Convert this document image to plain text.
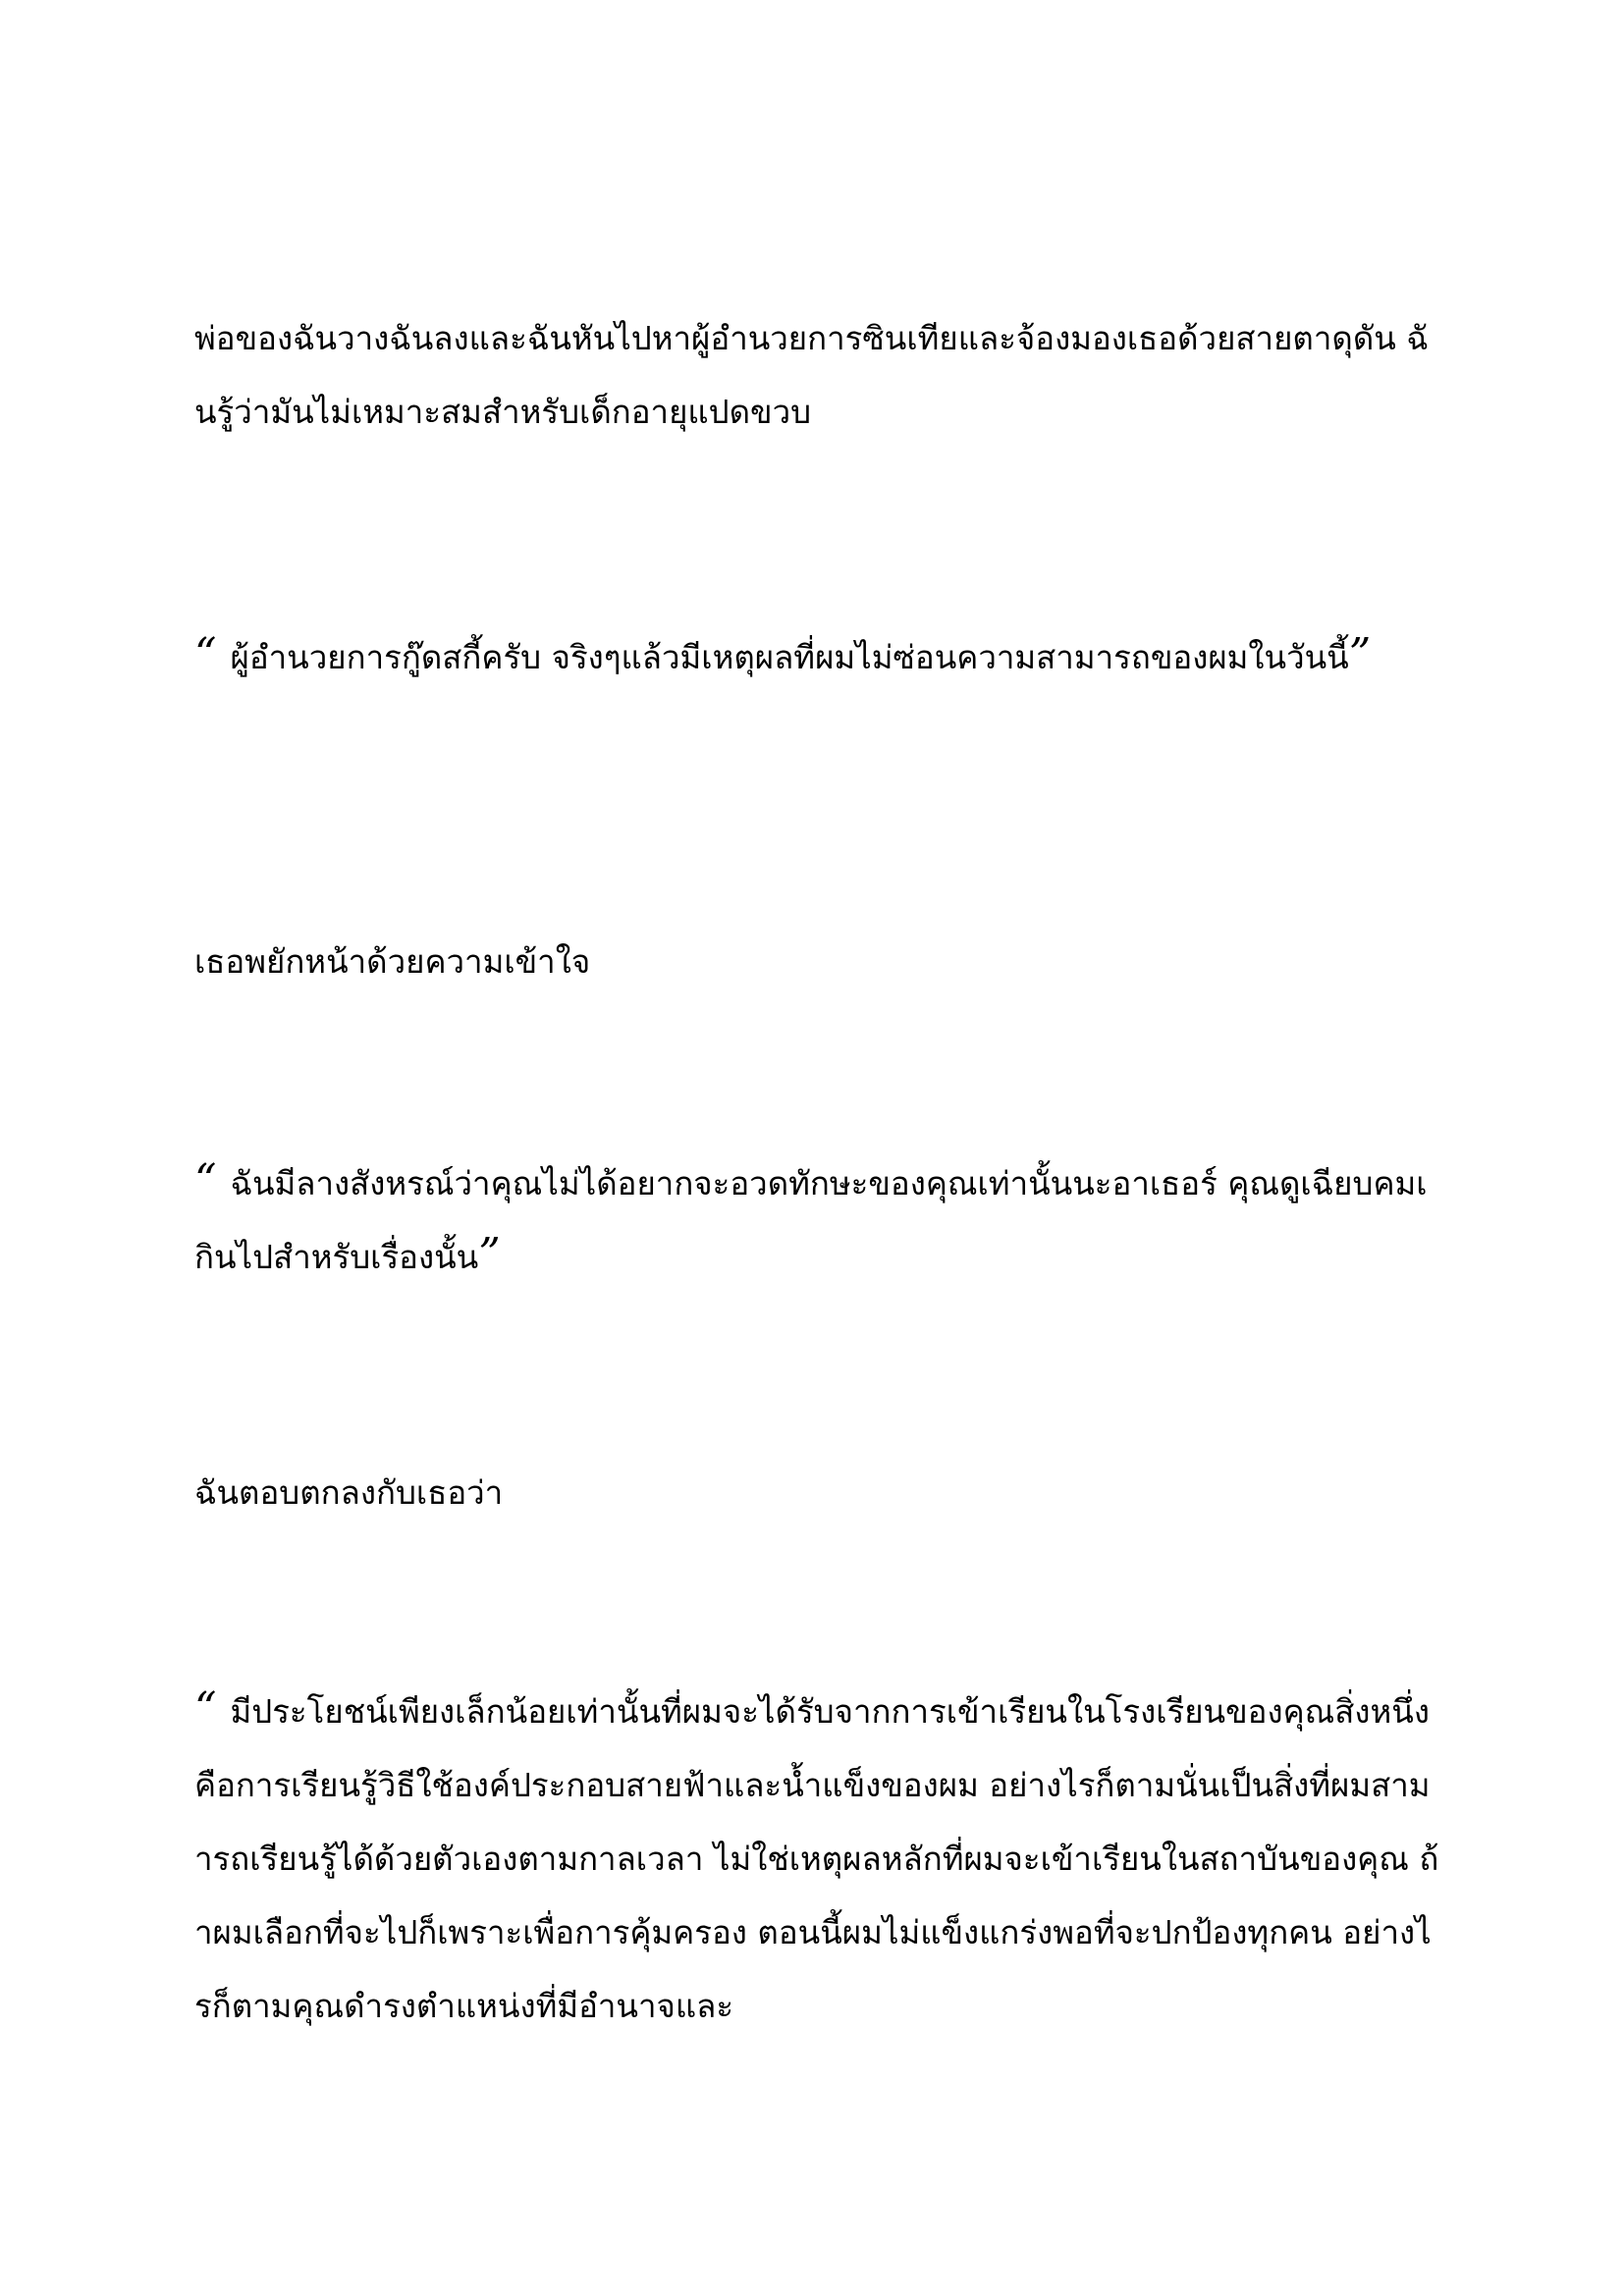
พ่อของฉันวางฉันลงและฉันหันไปหาผู้อำนวยการซินเทียและจ้องมองเธอด้วยสายตาดุดัน ฉันรู้ว่ามันไม่เหมาะสมสำหรับเด็กอายุแปดขวบ

“ ผู้อำนวยการกู๊ดสกี้ครับ จริงๆแล้วมีเหตุผลที่ผมไม่ซ่อนความสามารถของผมในวันนี้”

เธอพยักหน้าด้วยความเข้าใจ

“ ฉันมีลางสังหรณ์ว่าคุณไม่ได้อยากจะอวดทักษะของคุณเท่านั้นนะอาเธอร์ คุณดูเฉียบคมเกินไปสำหรับเรื่องนั้น”

ฉันตอบตกลงกับเธอว่า

“ มีประโยชน์เพียงเล็กน้อยเท่านั้นที่ผมจะได้รับจากการเข้าเรียนในโรงเรียนของคุณสิ่งหนึ่งคือการเรียนรู้วิธีใช้องค์ประกอบสายฟ้าและน้ำแข็งของผม อย่างไรก็ตามนั่นเป็นสิ่งที่ผมสามารถเรียนรู้ได้ด้วยตัวเองตามกาลเวลา ไม่ใช่เหตุผลหลักที่ผมจะเข้าเรียนในสถาบันของคุณ ถ้าผมเลือกที่จะไปก็เพราะเพื่อการคุ้มครอง ตอนนี้ผมไม่แข็งแกร่งพอที่จะปกป้องทุกคน อย่างไรก็ตามคุณดำรงตำแหน่งที่มีอำนาจและ
